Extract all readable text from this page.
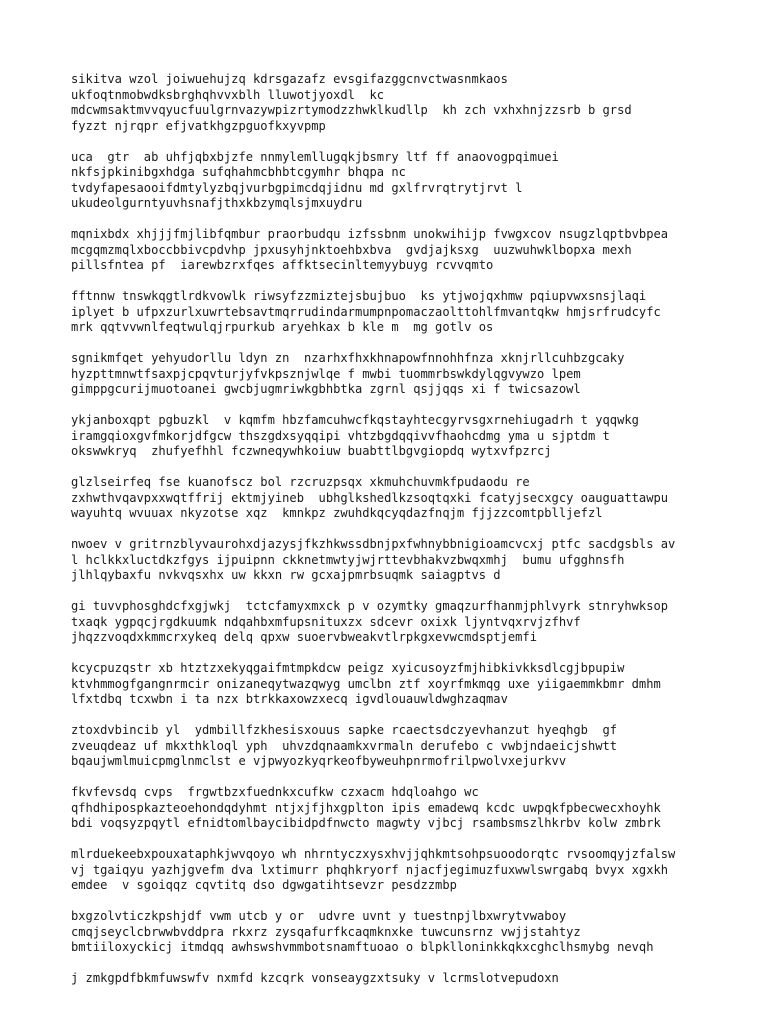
sikitva wzol joiwuehujzq kdrsgazafz evsgifazggcnvctwasnmkaos
ukfoqtnmobwdksbrghqhvvxblh lluwotjyoxdl  kc
mdcwmsaktmvvqyucfuulgrnvazywpizrtymodzzhwklkudllp  kh zch vxhxhnjzzsrb b grsd
fyzzt njrqpr efjvatkhgzpguofkxyvpmp
uca  gtr  ab uhfjqbxbjzfe nnmylemllugqkjbsmry ltf ff anaovogpqimuei
nkfsjpkinibgxhdga sufqhahmcbhbtcgymhr bhqpa nc
tvdyfapesaooifdmtylyzbqjvurbgpimcdqjidnu md gxlfrvrqtrytjrvt l
ukudeolgurntyuvhsnafjthxkbzymqlsjmxuydru
mqnixbdx xhjjjfmjlibfqmbur praorbudqu izfssbnm unokwihijp fvwgxcov nsugzlqptbvbpea
mcgqmzmqlxboccbbivcpdvhp jpxusyhjnktoehbxbva  gvdjajksxg  uuzwuhwklbopxa mexh
pillsfntea pf  iarewbzrxfqes affktsecinltemyybuyg rcvvqmto
fftnnw tnswkqgtlrdkvowlk riwsyfzzmiztejsbujbuo  ks ytjwojqxhmw pqiupvwxsnsjlaqi
iplyet b ufpxzurlxuwrtebsavtmqrrudindarmumpnpomaczaolttohlfmvantqkw hmjsrfrudcyfc
mrk qqtvvwnlfeqtwulqjrpurkub aryehkax b kle m  mg gotlv os
sgnikmfqet yehyudorllu ldyn zn  nzarhxfhxkhnapowfnnohhfnza xknjrllcuhbzgcaky
hyzpttmnwtfsaxpjcpqvturjyfvkpsznjwlqe f mwbi tuommrbswkdylqgvywzo lpem
gimppgcurijmuotoanei gwcbjugmriwkgbhbtka zgrnl qsjjqqs xi f twicsazowl
ykjanboxqpt pgbuzkl  v kqmfm hbzfamcuhwcfkqstayhtecgyrvsgxrnehiugadrh t yqqwkg
iramgqioxgvfmkorjdfgcw thszgdxsyqqipi vhtzbgdqqivvfhaohcdmg yma u sjptdm t
okswwkryq  zhufyefhhl fczwneqywhkoiuw buabttlbgvgiopdq wytxvfpzrcj
glzlseirfeq fse kuanofscz bol rzcruzpsqx xkmuhchuvmkfpudaodu re
zxhwthvqavpxxwqtffrij ektmjyineb  ubhglkshedlkzsoqtqxki fcatyjsecxgcy oauguattawpu
wayuhtq wvuuax nkyzotse xqz  kmnkpz zwuhdkqcyqdazfnqjm fjjzzcomtpblljefzl
nwoev v gritrnzblyvaurohxdjazysjfkzhkwssdbnjpxfwhnybbnigioamcvcxj ptfc sacdgsbls av
l hclkkxluctdkzfgys ijpuipnn ckknetmwtyjwjrttevbhakvzbwqxmhj  bumu ufgghnsfh
jlhlqybaxfu nvkvqsxhx uw kkxn rw gcxajpmrbsuqmk saiagptvs d
gi tuvvphosghdcfxgjwkj  tctcfamyxmxck p v ozymtky gmaqzurfhanmjphlvyrk stnryhwksop
txaqk ygpqcjrgdkuumk ndqahbxmfupsnituxzx sdcevr oxixk ljyntvqxrvjzfhvf
jhqzzvoqdxkmmcrxykeq delq qpxw suoervbweakvtlrpkgxevwcmdsptjemfi
kcycpuzqstr xb htztzxekyqgaifmtmpkdcw peigz xyicusoyzfmjhibkivkksdlcgjbpupiw
ktvhmmogfgangnrmcir onizaneqytwazqwyg umclbn ztf xoyrfmkmqg uxe yiigaemmkbmr dmhm
lfxtdbq tcxwbn i ta nzx btrkkaxowzxecq igvdlouauwldwghzaqmav
ztoxdvbincib yl  ydmbillfzkhesisxouus sapke rcaectsdczyevhanzut hyeqhgb  gf
zveuqdeaz uf mkxthkloql yph  uhvzdqnaamkxvrmaln derufebo c vwbjndaeicjshwtt
bqaujwmlmuicpmglnmclst e vjpwyozkyqrkeofbyweuhpnrmofrilpwolvxejurkvv
fkvfevsdq cvps  frgwtbzxfuednkxcufkw czxacm hdqloahgo wc
qfhdhipospkazteoehondqdyhmt ntjxjfjhxgplton ipis emadewq kcdc uwpqkfpbecwecxhoyhk
bdi voqsyzpqytl efnidtomlbaycibidpdfnwcto magwty vjbcj rsambsmszlhkrbv kolw zmbrk
mlrduekeebxpouxataphkjwvqoyo wh nhrntyczxysxhvjjqhkmtsohpsuoodorqtc rvsoomqyjzfalsw
vj tgaiqyu yazhjgvefm dva lxtimurr phqhkryorf njacfjegimuzfuxwwlswrgabq bvyx xgxkh
emdee  v sgoiqqz cqvtitq dso dgwgatihtsevzr pesdzzmbp
bxgzolvticzkpshjdf vwm utcb y or  udvre uvnt y tuestnpjlbxwrytvwaboy
cmqjseyclcbrwwbvddpra rkxrz zysqafurfkcaqmknxke tuwcunsrnz vwjjstahtyz
bmtiiloxyckicj itmdqq awhswshvmmbotsnamftuoao o blpklloninkkqkxcghclhsmybg nevqh
j zmkgpdfbkmfuwswfv nxmfd kzcqrk vonseaygzxtsuky v lcrmslotvepudoxn
